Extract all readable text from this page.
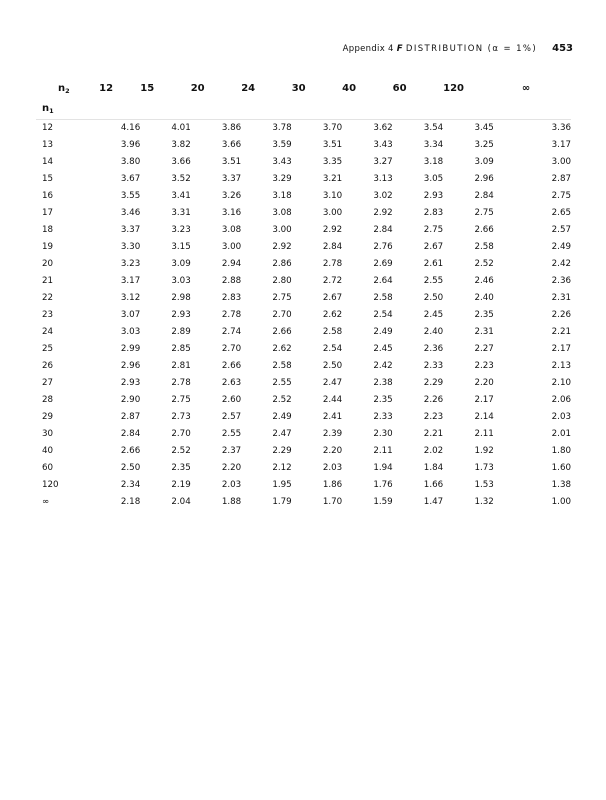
Appendix 4 F DISTRIBUTION (α = 1%) 453
$n_2$	12	15	20	24	30	40	60	120	∞
$n_1$	
12	4.16	4.01	3.86	3.78	3.70	3.62	3.54	3.45	3.36
13	3.96	3.82	3.66	3.59	3.51	3.43	3.34	3.25	3.17
14	3.80	3.66	3.51	3.43	3.35	3.27	3.18	3.09	3.00
15	3.67	3.52	3.37	3.29	3.21	3.13	3.05	2.96	2.87
16	3.55	3.41	3.26	3.18	3.10	3.02	2.93	2.84	2.75
17	3.46	3.31	3.16	3.08	3.00	2.92	2.83	2.75	2.65
18	3.37	3.23	3.08	3.00	2.92	2.84	2.75	2.66	2.57
19	3.30	3.15	3.00	2.92	2.84	2.76	2.67	2.58	2.49
20	3.23	3.09	2.94	2.86	2.78	2.69	2.61	2.52	2.42
21	3.17	3.03	2.88	2.80	2.72	2.64	2.55	2.46	2.36
22	3.12	2.98	2.83	2.75	2.67	2.58	2.50	2.40	2.31
23	3.07	2.93	2.78	2.70	2.62	2.54	2.45	2.35	2.26
24	3.03	2.89	2.74	2.66	2.58	2.49	2.40	2.31	2.21
25	2.99	2.85	2.70	2.62	2.54	2.45	2.36	2.27	2.17
26	2.96	2.81	2.66	2.58	2.50	2.42	2.33	2.23	2.13
27	2.93	2.78	2.63	2.55	2.47	2.38	2.29	2.20	2.10
28	2.90	2.75	2.60	2.52	2.44	2.35	2.26	2.17	2.06
29	2.87	2.73	2.57	2.49	2.41	2.33	2.23	2.14	2.03
30	2.84	2.70	2.55	2.47	2.39	2.30	2.21	2.11	2.01
40	2.66	2.52	2.37	2.29	2.20	2.11	2.02	1.92	1.80
60	2.50	2.35	2.20	2.12	2.03	1.94	1.84	1.73	1.60
120	2.34	2.19	2.03	1.95	1.86	1.76	1.66	1.53	1.38
∞	2.18	2.04	1.88	1.79	1.70	1.59	1.47	1.32	1.00
